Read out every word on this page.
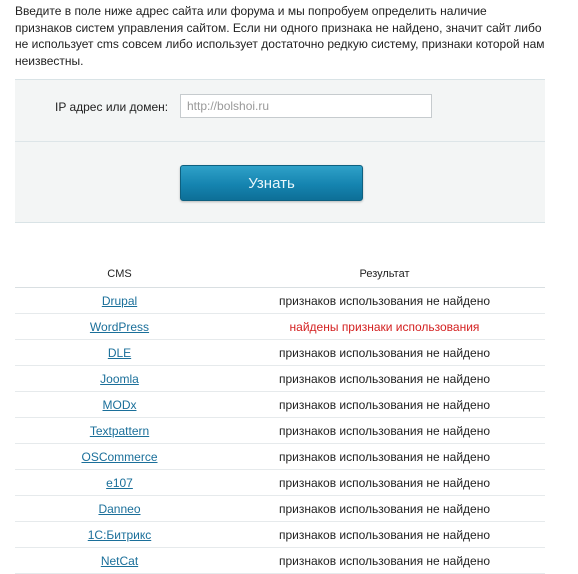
Введите в поле ниже адрес сайта или форума и мы попробуем определить наличие признаков систем управления сайтом. Если ни одного признака не найдено, значит сайт либо не использует cms совсем либо использует достаточно редкую систему, признаки которой нам неизвестны.

IP адрес или домен:
http://bolshoi.ru
Узнать
CMS	Результат
Drupal	признаков использования не найдено
WordPress	найдены признаки использования
DLE	признаков использования не найдено
Joomla	признаков использования не найдено
MODx	признаков использования не найдено
Textpattern	признаков использования не найдено
OSCommerce	признаков использования не найдено
e107	признаков использования не найдено
Danneo	признаков использования не найдено
1С:Битрикс	признаков использования не найдено
NetCat	признаков использования не найдено
